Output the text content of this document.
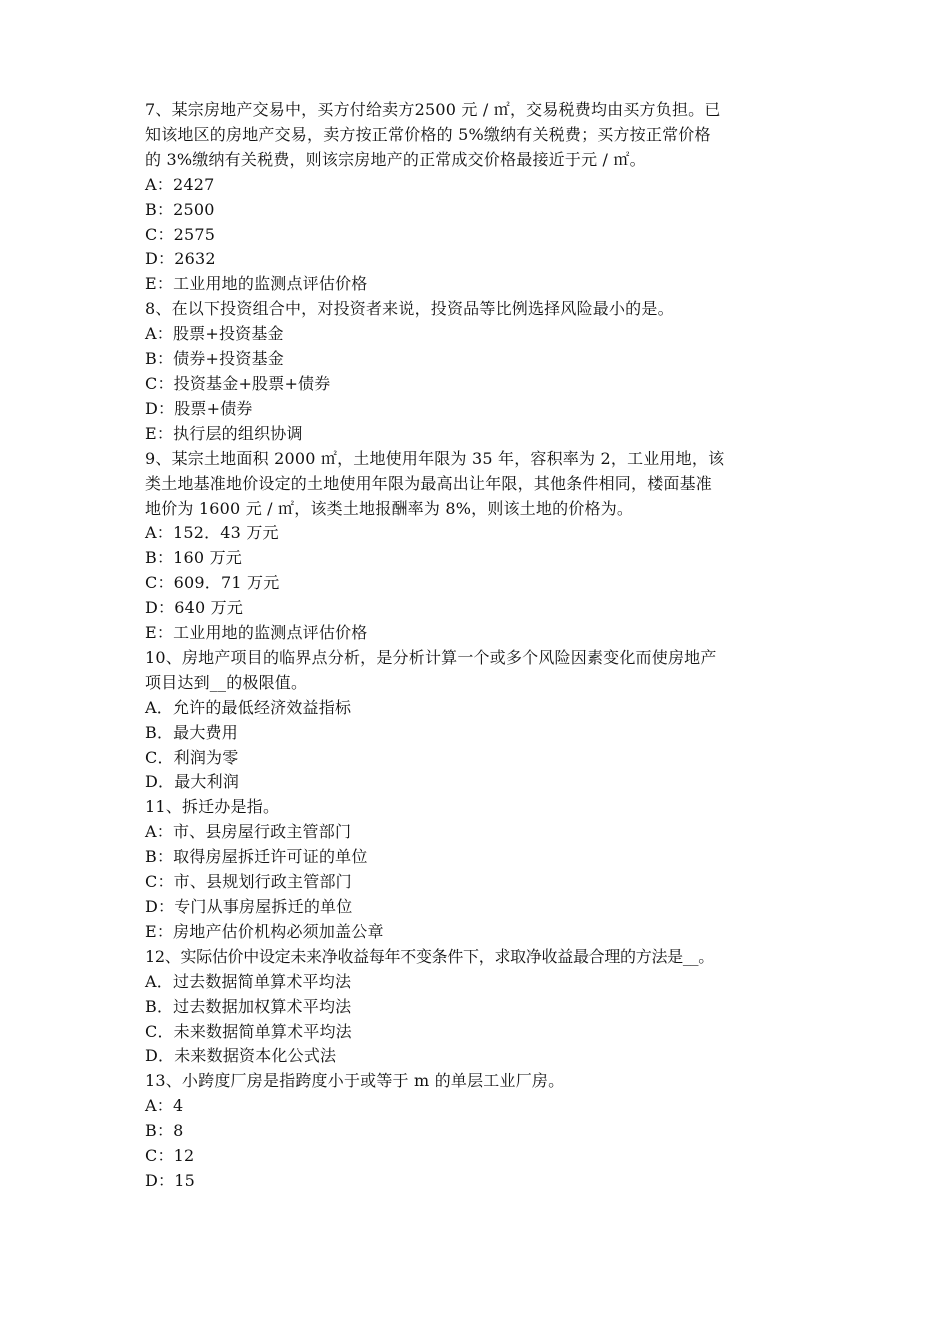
7、某宗房地产交易中，买方付给卖方2500 元 / ㎡，交易税费均由买方负担。已
知该地区的房地产交易，卖方按正常价格的 5%缴纳有关税费；买方按正常价格
的 3%缴纳有关税费，则该宗房地产的正常成交价格最接近于元 / ㎡。
A：2427
B：2500
C：2575
D：2632
E：工业用地的监测点评估价格
8、在以下投资组合中，对投资者来说，投资品等比例选择风险最小的是。
A：股票+投资基金
B：债券+投资基金
C：投资基金+股票+债券
D：股票+债券
E：执行层的组织协调
9、某宗土地面积 2000 ㎡，土地使用年限为 35 年，容积率为 2，工业用地，该
类土地基准地价设定的土地使用年限为最高出让年限，其他条件相同，楼面基准
地价为 1600 元 / ㎡，该类土地报酬率为 8%，则该土地的价格为。
A：152．43 万元
B：160 万元
C：609．71 万元
D：640 万元
E：工业用地的监测点评估价格
10、房地产项目的临界点分析，是分析计算一个或多个风险因素变化而使房地产
项目达到__的极限值。
A．允许的最低经济效益指标
B．最大费用
C．利润为零
D．最大利润
11、拆迁办是指。
A：市、县房屋行政主管部门
B：取得房屋拆迁许可证的单位
C：市、县规划行政主管部门
D：专门从事房屋拆迁的单位
E：房地产估价机构必须加盖公章
12、实际估价中设定未来净收益每年不变条件下，求取净收益最合理的方法是__。
A．过去数据简单算术平均法
B．过去数据加权算术平均法
C．未来数据简单算术平均法
D．未来数据资本化公式法
13、小跨度厂房是指跨度小于或等于 m 的单层工业厂房。
A：4
B：8
C：12
D：15
